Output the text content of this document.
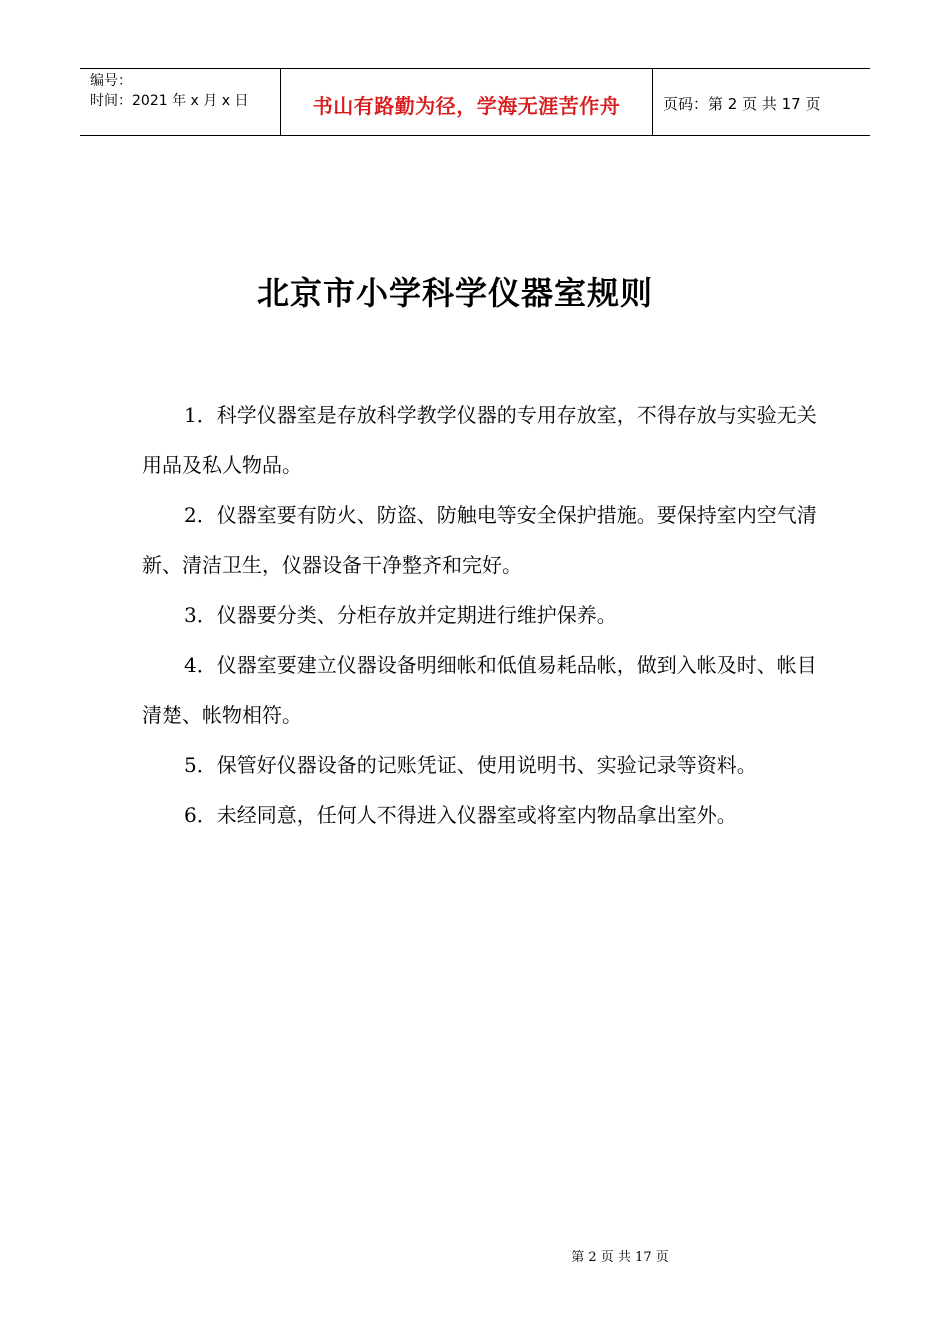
编号：
时间：2021 年 x 月 x 日	书山有路勤为径，学海无涯苦作舟	页码：第 2 页 共 17 页
北京市小学科学仪器室规则

1．科学仪器室是存放科学教学仪器的专用存放室，不得存放与实验无关用品及私人物品。

2．仪器室要有防火、防盗、防触电等安全保护措施。要保持室内空气清新、清洁卫生，仪器设备干净整齐和完好。

3．仪器要分类、分柜存放并定期进行维护保养。

4．仪器室要建立仪器设备明细帐和低值易耗品帐，做到入帐及时、帐目清楚、帐物相符。

5．保管好仪器设备的记账凭证、使用说明书、实验记录等资料。

6．未经同意，任何人不得进入仪器室或将室内物品拿出室外。

第 2 页 共 17 页
